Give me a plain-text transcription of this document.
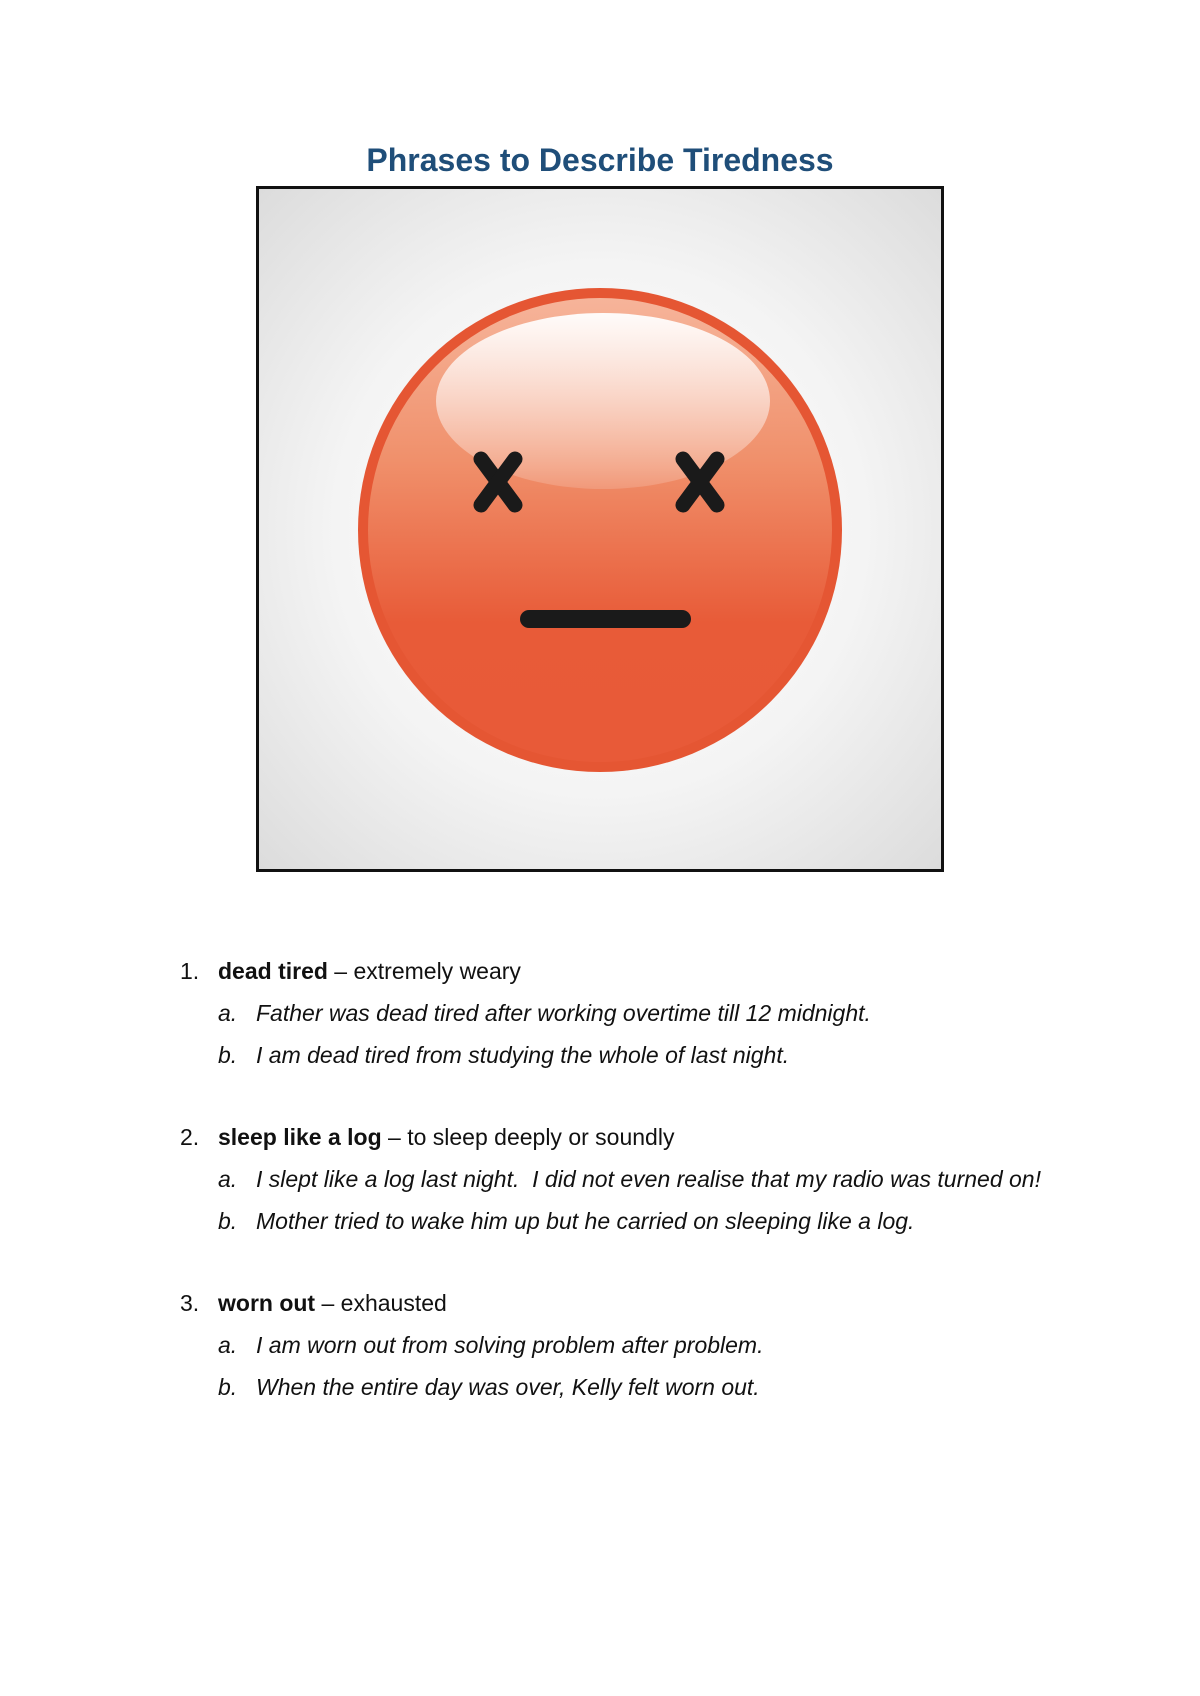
Phrases to Describe Tiredness
1. dead tired – extremely weary
a. Father was dead tired after working overtime till 12 midnight.
b. I am dead tired from studying the whole of last night.
2. sleep like a log – to sleep deeply or soundly
a. I slept like a log last night.  I did not even realise that my radio was turned on!
b. Mother tried to wake him up but he carried on sleeping like a log.
3. worn out – exhausted
a. I am worn out from solving problem after problem.
b. When the entire day was over, Kelly felt worn out.
